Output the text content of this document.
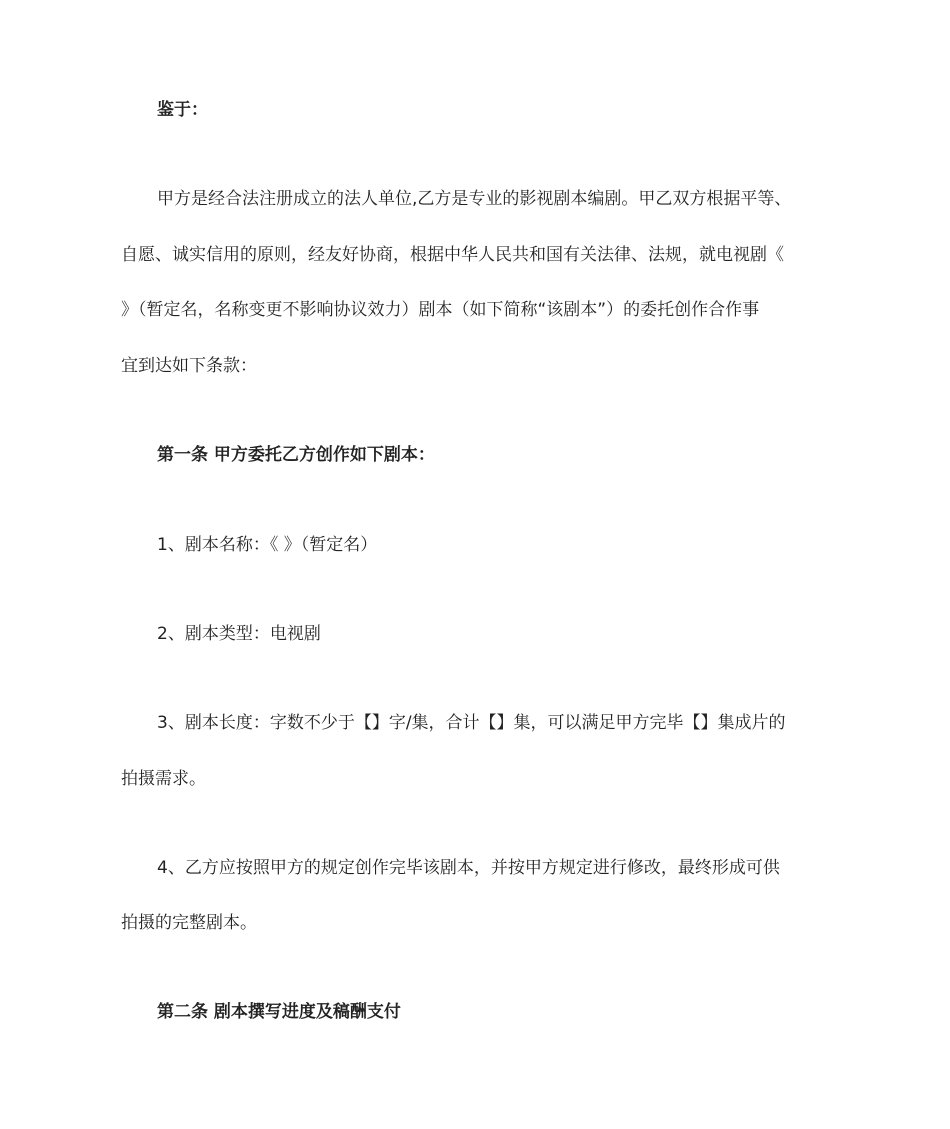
鉴于：
甲方是经合法注册成立的法人单位,乙方是专业的影视剧本编剧。甲乙双方根据平等、
自愿、诚实信用的原则，经友好协商，根据中华人民共和国有关法律、法规，就电视剧《
》（暂定名，名称变更不影响协议效力）剧本（如下简称“该剧本”）的委托创作合作事
宜到达如下条款：
第一条 甲方委托乙方创作如下剧本：
1、剧本名称：《 》（暂定名）
2、剧本类型：电视剧
3、剧本长度：字数不少于【】字/集，合计【】集，可以满足甲方完毕【】集成片的
拍摄需求。
4、乙方应按照甲方的规定创作完毕该剧本，并按甲方规定进行修改，最终形成可供
拍摄的完整剧本。
第二条 剧本撰写进度及稿酬支付
